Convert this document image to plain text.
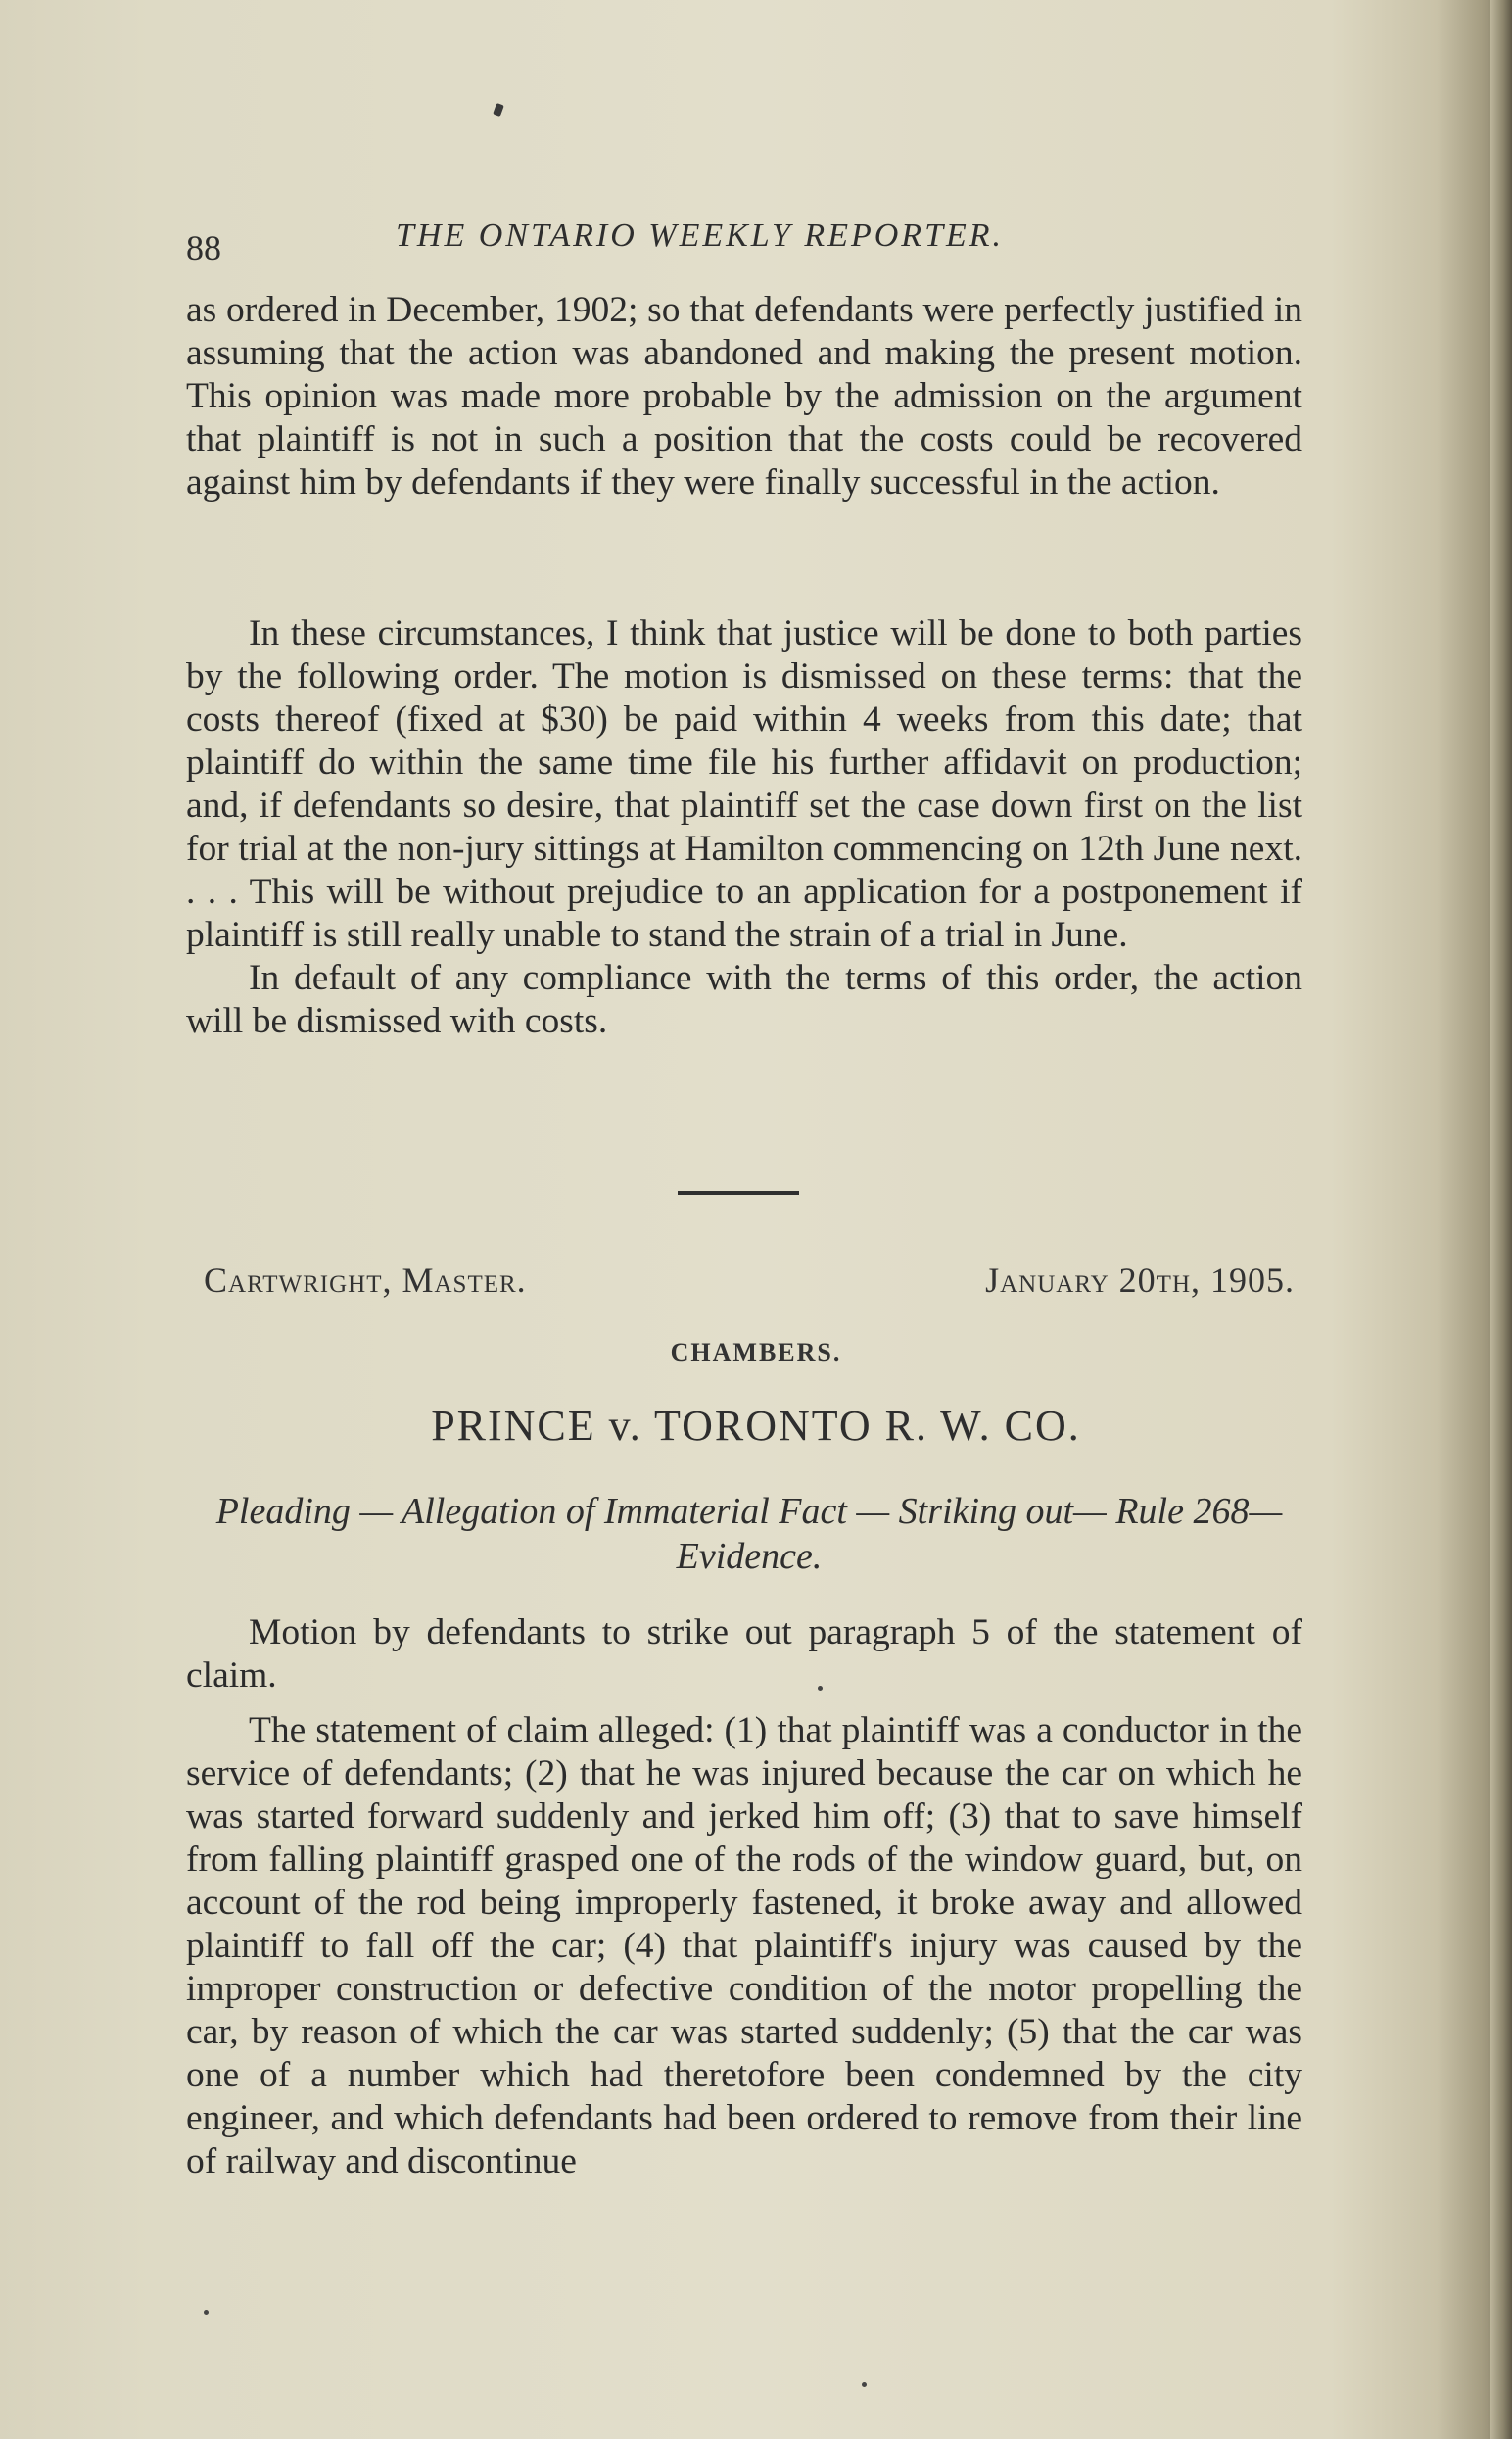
88	THE ONTARIO WEEKLY REPORTER.

as ordered in December, 1902; so that defendants were perfectly justified in assuming that the action was abandoned and making the present motion. This opinion was made more probable by the admission on the argument that plaintiff is not in such a position that the costs could be recovered against him by defendants if they were finally successful in the action.

In these circumstances, I think that justice will be done to both parties by the following order. The motion is dismissed on these terms: that the costs thereof (fixed at $30) be paid within 4 weeks from this date; that plaintiff do within the same time file his further affidavit on production; and, if defendants so desire, that plaintiff set the case down first on the list for trial at the non-jury sittings at Hamilton commencing on 12th June next. . . . This will be without prejudice to an application for a postponement if plaintiff is still really unable to stand the strain of a trial in June.

In default of any compliance with the terms of this order, the action will be dismissed with costs.

Cartwright, Master.	January 20th, 1905.
CHAMBERS.
PRINCE v. TORONTO R. W. CO.
Pleading — Allegation of Immaterial Fact — Striking out— Rule 268—Evidence.

Motion by defendants to strike out paragraph 5 of the statement of claim.

The statement of claim alleged: (1) that plaintiff was a conductor in the service of defendants; (2) that he was injured because the car on which he was started forward suddenly and jerked him off; (3) that to save himself from falling plaintiff grasped one of the rods of the window guard, but, on account of the rod being improperly fastened, it broke away and allowed plaintiff to fall off the car; (4) that plaintiff's injury was caused by the improper construction or defective condition of the motor propelling the car, by reason of which the car was started suddenly; (5) that the car was one of a number which had theretofore been condemned by the city engineer, and which defendants had been ordered to remove from their line of railway and discontinue
